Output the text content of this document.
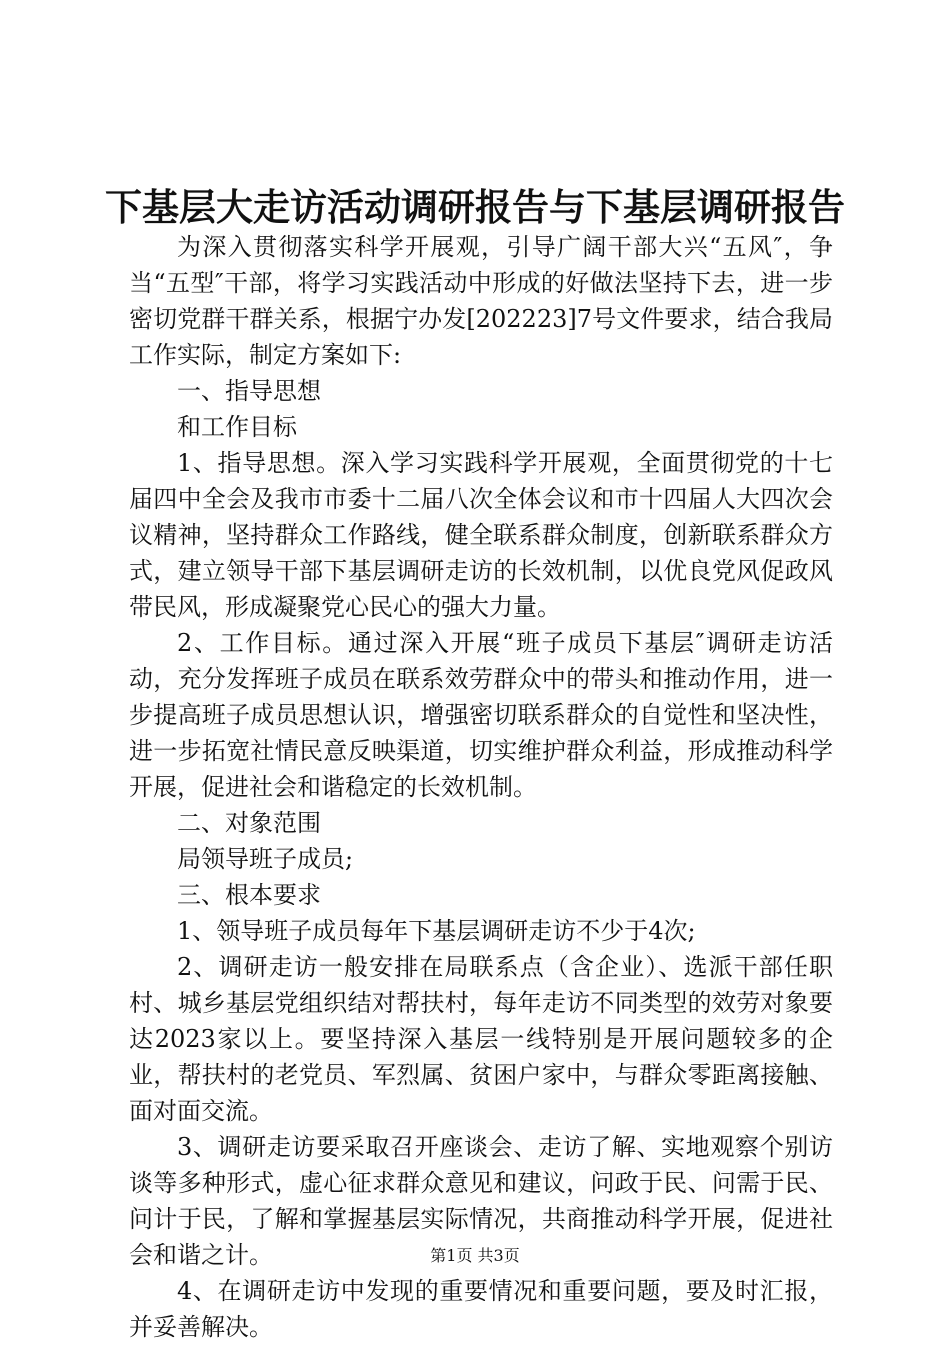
下基层大走访活动调研报告与下基层调研报告

为深入贯彻落实科学开展观，引导广阔干部大兴“五风″，争当“五型″干部，将学习实践活动中形成的好做法坚持下去，进一步密切党群干群关系，根据宁办发[202223]7号文件要求，结合我局工作实际，制定方案如下:

一、指导思想

和工作目标

1、指导思想。深入学习实践科学开展观，全面贯彻党的十七届四中全会及我市市委十二届八次全体会议和市十四届人大四次会议精神，坚持群众工作路线，健全联系群众制度，创新联系群众方式，建立领导干部下基层调研走访的长效机制，以优良党风促政风带民风，形成凝聚党心民心的强大力量。

2、工作目标。通过深入开展“班子成员下基层″调研走访活动，充分发挥班子成员在联系效劳群众中的带头和推动作用，进一步提高班子成员思想认识，增强密切联系群众的自觉性和坚决性，进一步拓宽社情民意反映渠道，切实维护群众利益，形成推动科学开展，促进社会和谐稳定的长效机制。

二、对象范围

局领导班子成员;

三、根本要求

1、领导班子成员每年下基层调研走访不少于4次;

2、调研走访一般安排在局联系点（含企业）、选派干部任职村、城乡基层党组织结对帮扶村，每年走访不同类型的效劳对象要达2023家以上。要坚持深入基层一线特别是开展问题较多的企业，帮扶村的老党员、军烈属、贫困户家中，与群众零距离接触、面对面交流。

3、调研走访要采取召开座谈会、走访了解、实地观察个别访谈等多种形式，虚心征求群众意见和建议，问政于民、问需于民、问计于民，了解和掌握基层实际情况，共商推动科学开展，促进社会和谐之计。

4、在调研走访中发现的重要情况和重要问题，要及时汇报，并妥善解决。

第1页 共3页
